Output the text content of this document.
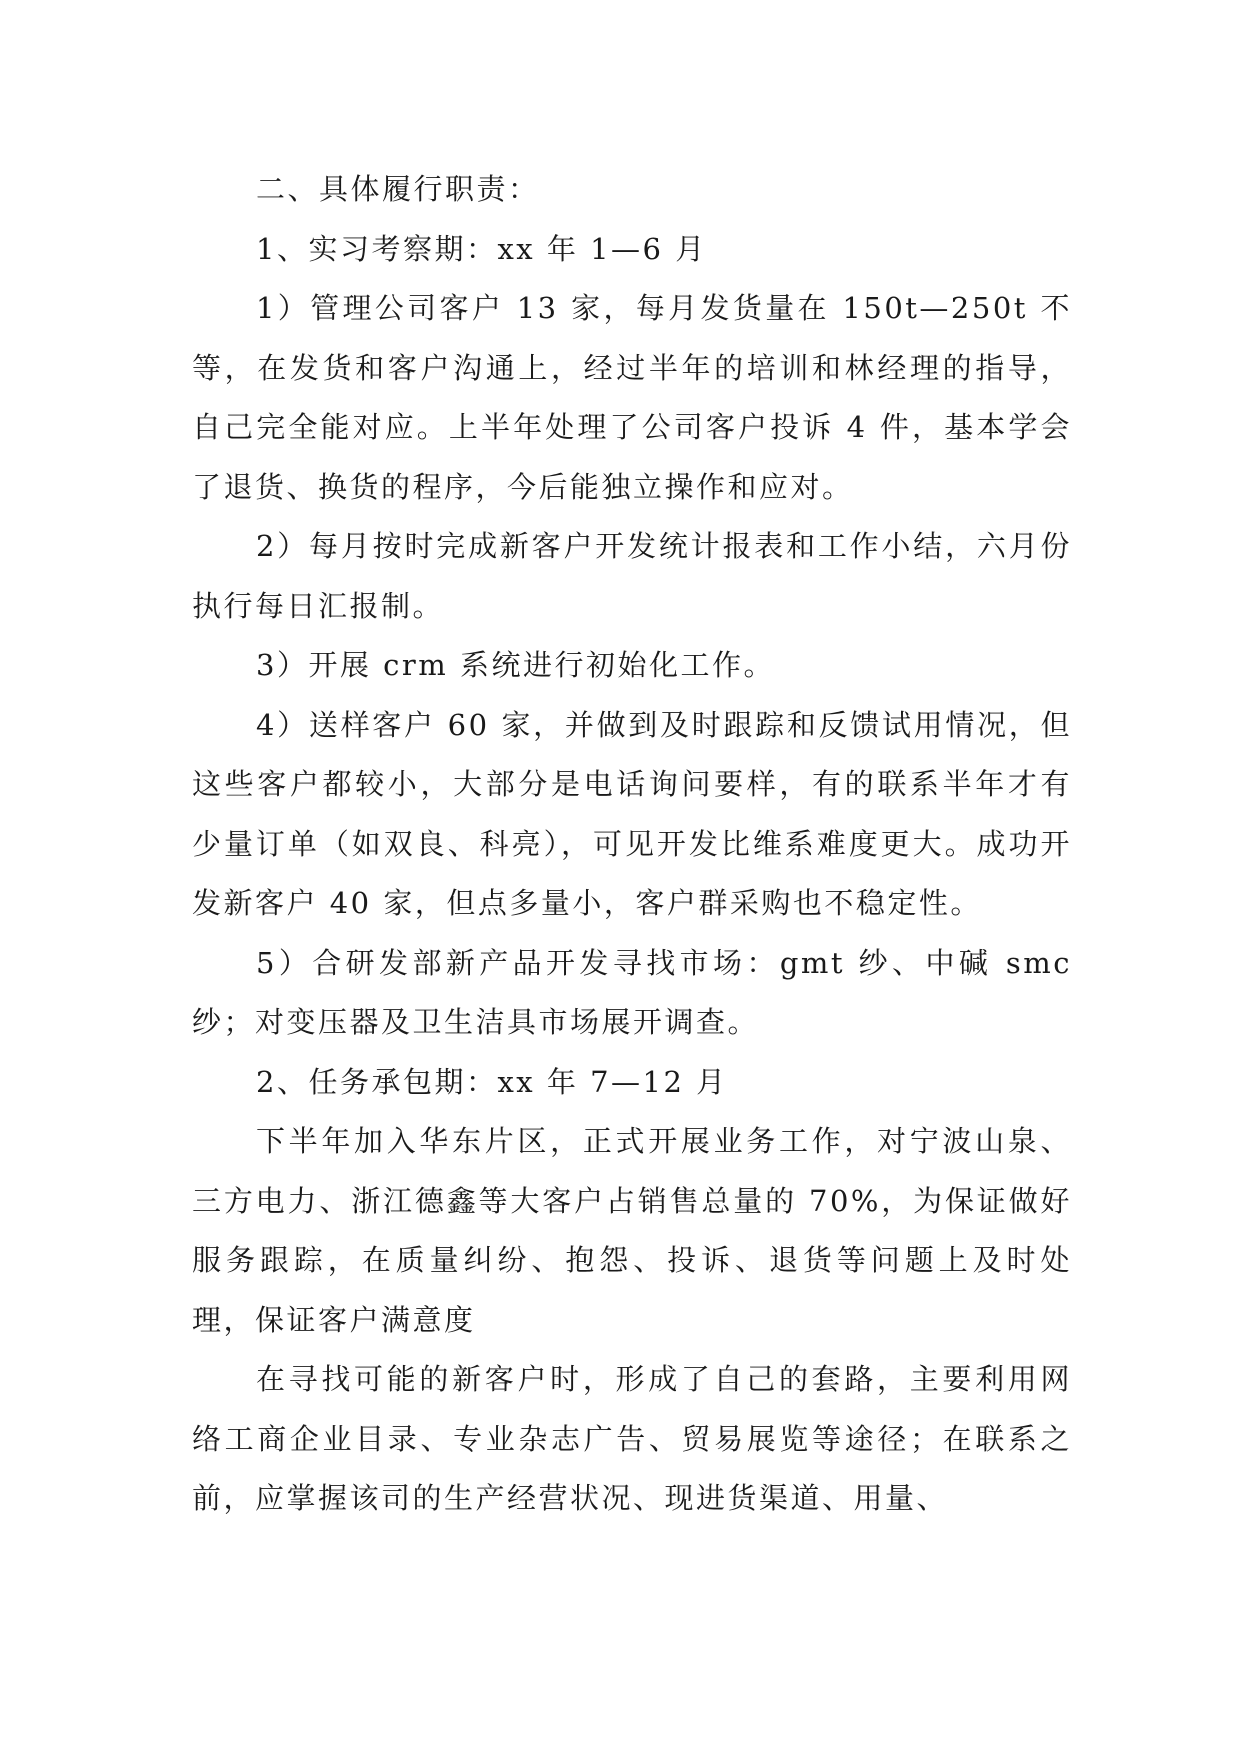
二、具体履行职责：

1、实习考察期：xx 年 1—6 月

1）管理公司客户 13 家，每月发货量在 150t—250t 不等，在发货和客户沟通上，经过半年的培训和林经理的指导，自己完全能对应。上半年处理了公司客户投诉 4 件，基本学会了退货、换货的程序，今后能独立操作和应对。

2）每月按时完成新客户开发统计报表和工作小结，六月份执行每日汇报制。

3）开展 crm 系统进行初始化工作。

4）送样客户 60 家，并做到及时跟踪和反馈试用情况，但这些客户都较小，大部分是电话询问要样，有的联系半年才有少量订单（如双良、科亮），可见开发比维系难度更大。成功开发新客户 40 家，但点多量小，客户群采购也不稳定性。

5）合研发部新产品开发寻找市场：gmt 纱、中碱 smc 纱；对变压器及卫生洁具市场展开调查。

2、任务承包期：xx 年 7—12 月

下半年加入华东片区，正式开展业务工作，对宁波山泉、三方电力、浙江德鑫等大客户占销售总量的 70%，为保证做好服务跟踪，在质量纠纷、抱怨、投诉、退货等问题上及时处理，保证客户满意度

在寻找可能的新客户时，形成了自己的套路，主要利用网络工商企业目录、专业杂志广告、贸易展览等途径；在联系之前，应掌握该司的生产经营状况、现进货渠道、用量、
